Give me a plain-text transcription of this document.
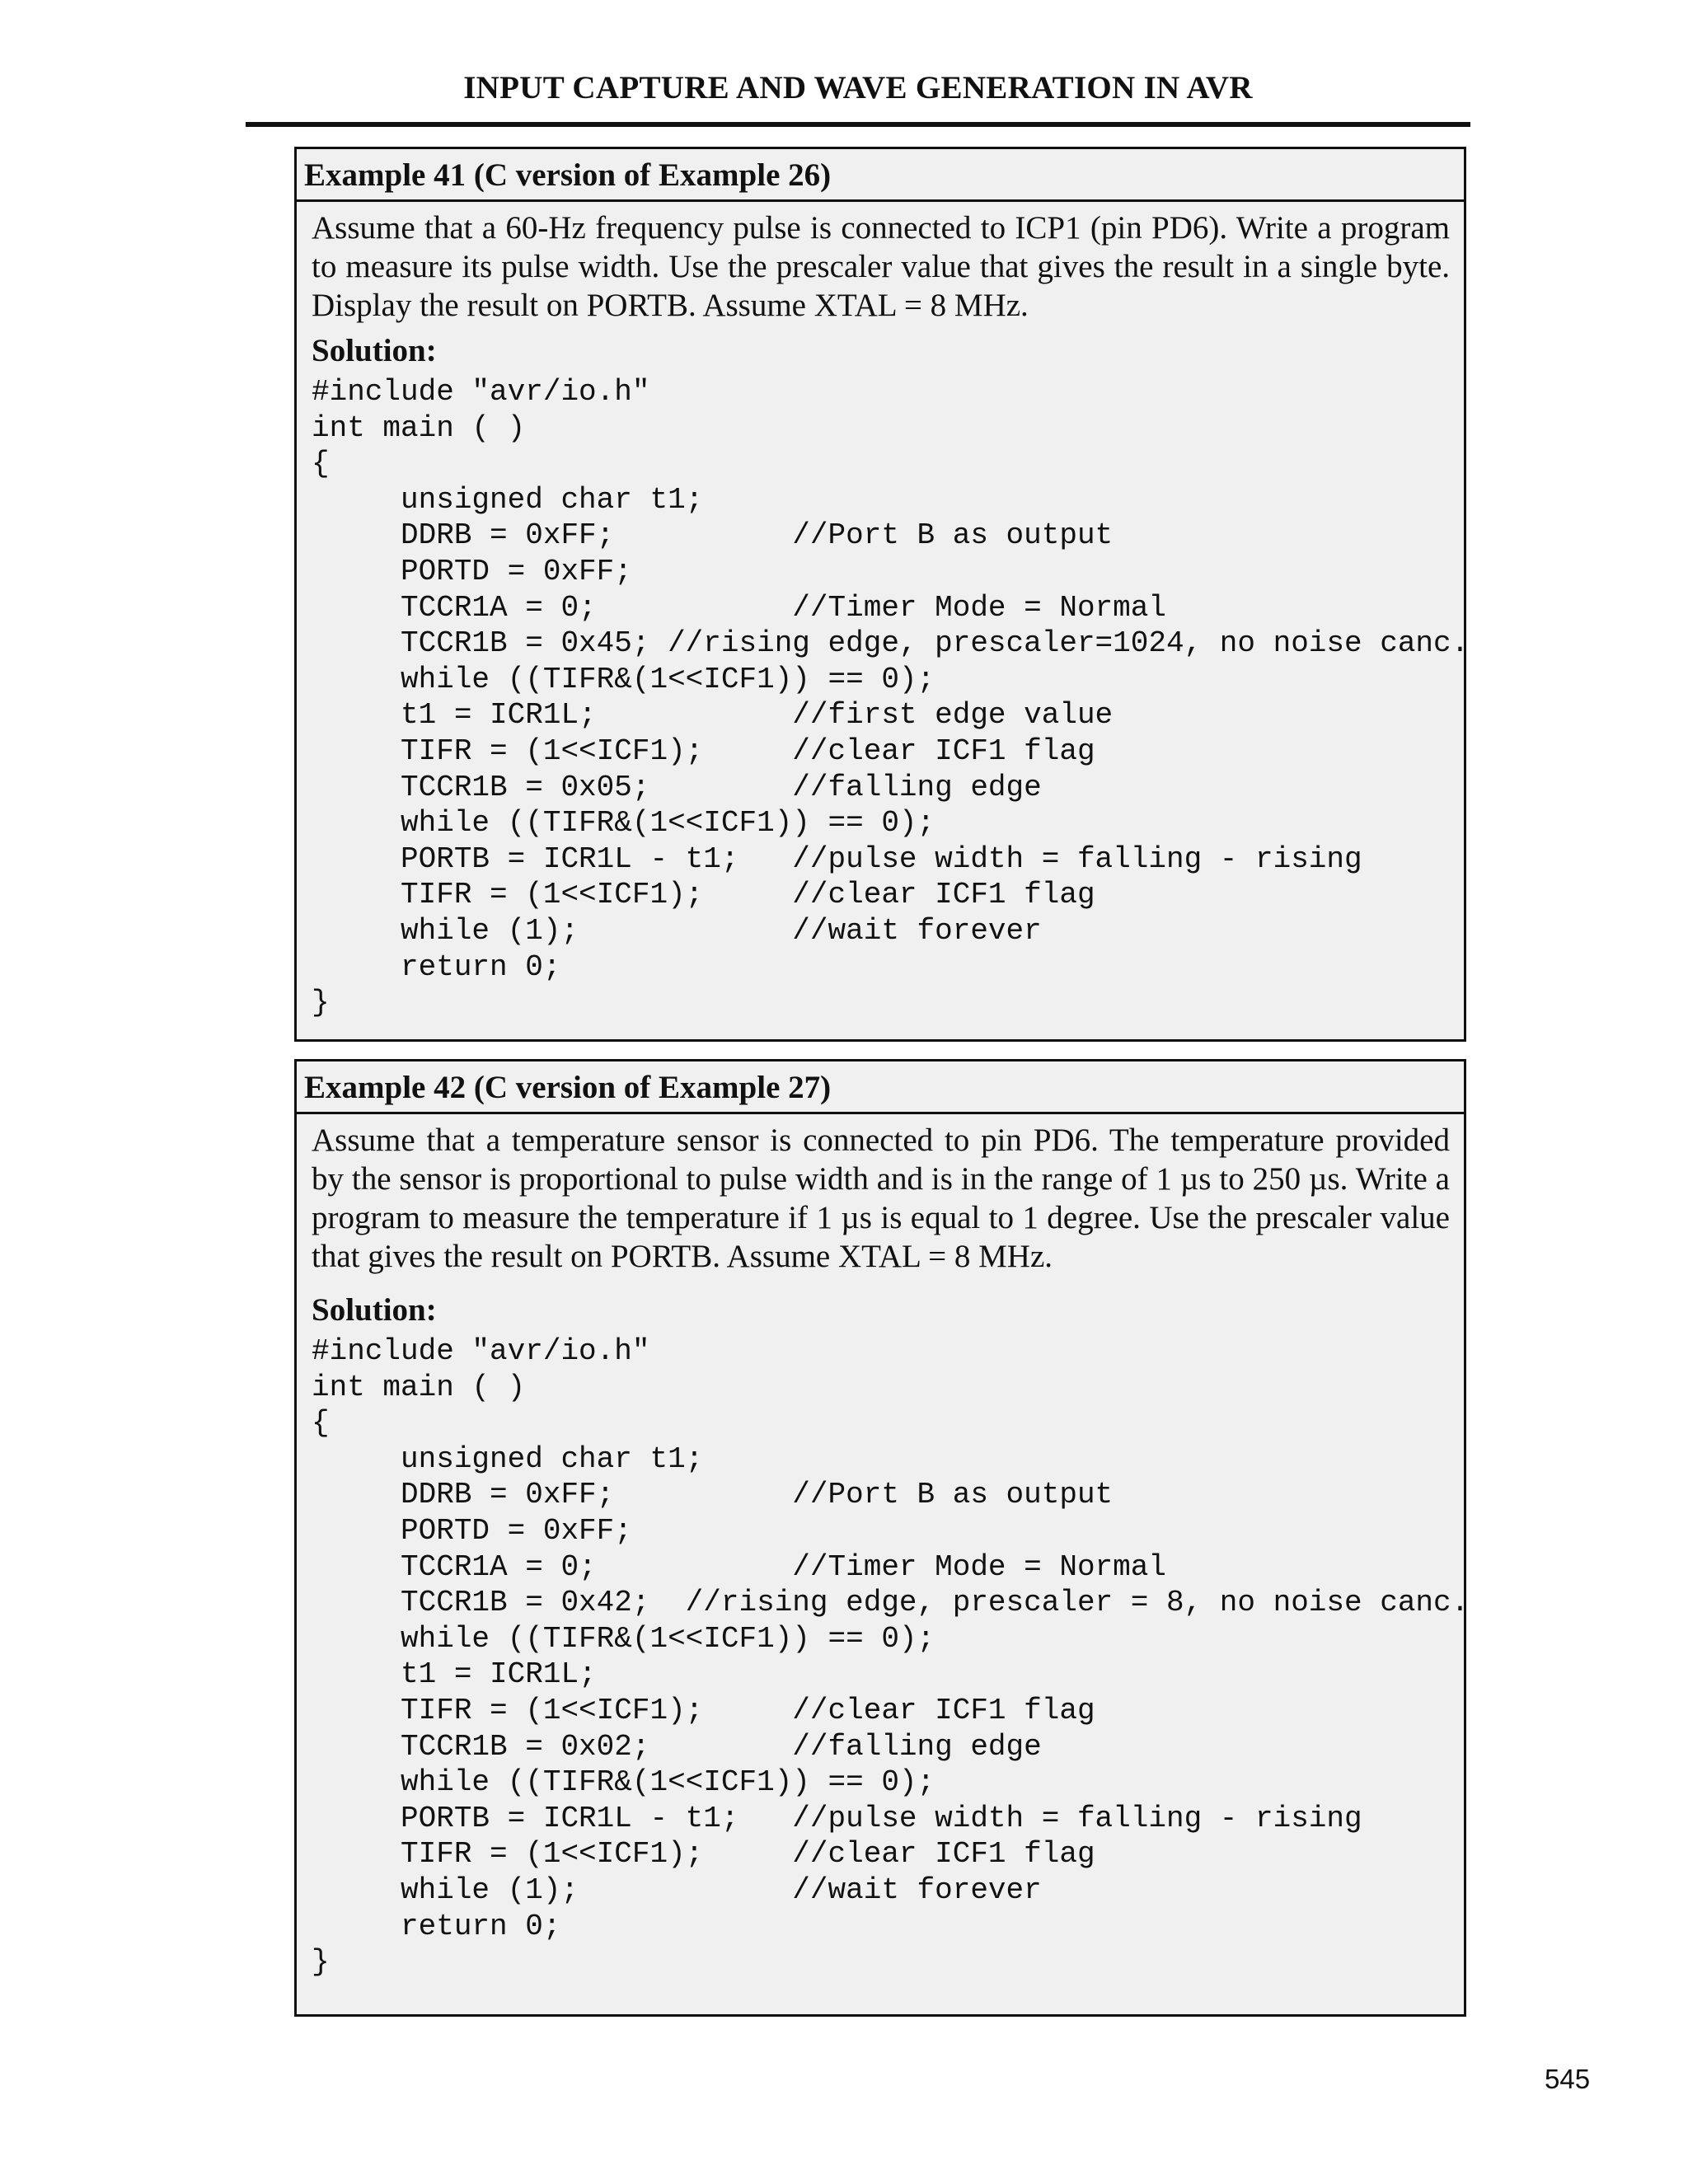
INPUT CAPTURE AND WAVE GENERATION IN AVR
Example 41 (C version of Example 26)

Assume that a 60-Hz frequency pulse is connected to ICP1 (pin PD6). Write a program to measure its pulse width. Use the prescaler value that gives the result in a single byte. Display the result on PORTB. Assume XTAL = 8 MHz.

Solution:

#include "avr/io.h"
int main ( )
{
unsigned char t1;
DDRB = 0xFF;          //Port B as output
PORTD = 0xFF;
TCCR1A = 0;           //Timer Mode = Normal
TCCR1B = 0x45; //rising edge, prescaler=1024, no noise canc.
while ((TIFR&(1<<ICF1)) == 0);
t1 = ICR1L;           //first edge value
TIFR = (1<<ICF1);     //clear ICF1 flag
TCCR1B = 0x05;        //falling edge
while ((TIFR&(1<<ICF1)) == 0);
PORTB = ICR1L - t1;   //pulse width = falling - rising
TIFR = (1<<ICF1);     //clear ICF1 flag
while (1);            //wait forever
return 0;
}
Example 42 (C version of Example 27)

Assume that a temperature sensor is connected to pin PD6. The temperature provided by the sensor is proportional to pulse width and is in the range of 1 µs to 250 µs. Write a program to measure the temperature if 1 µs is equal to 1 degree. Use the prescaler value that gives the result on PORTB. Assume XTAL = 8 MHz.

Solution:

#include "avr/io.h"
int main ( )
{
unsigned char t1;
DDRB = 0xFF;          //Port B as output
PORTD = 0xFF;
TCCR1A = 0;           //Timer Mode = Normal
TCCR1B = 0x42;  //rising edge, prescaler = 8, no noise canc.
while ((TIFR&(1<<ICF1)) == 0);
t1 = ICR1L;
TIFR = (1<<ICF1);     //clear ICF1 flag
TCCR1B = 0x02;        //falling edge
while ((TIFR&(1<<ICF1)) == 0);
PORTB = ICR1L - t1;   //pulse width = falling - rising
TIFR = (1<<ICF1);     //clear ICF1 flag
while (1);            //wait forever
return 0;
}
545
